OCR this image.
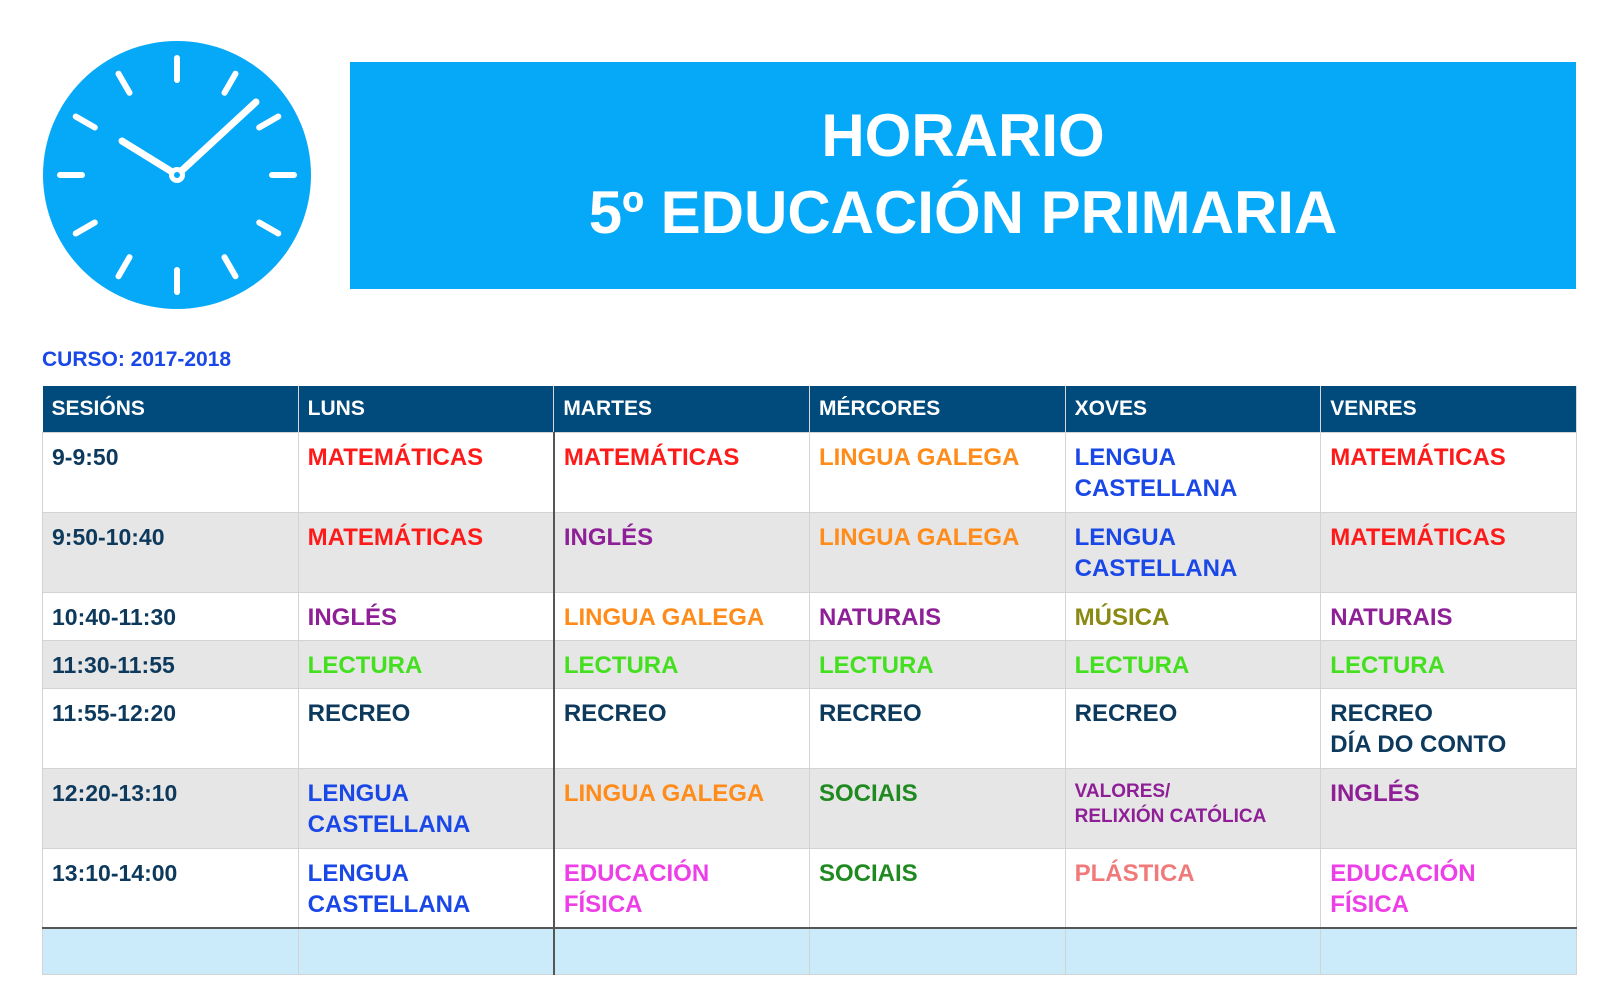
HORARIO
5º EDUCACIÓN PRIMARIA
CURSO: 2017-2018
SESIÓNS	LUNS	MARTES	MÉRCORES	XOVES	VENRES
9-9:50	MATEMÁTICAS	MATEMÁTICAS	LINGUA GALEGA	LENGUA
CASTELLANA	MATEMÁTICAS

9:50-10:40	MATEMÁTICAS	INGLÉS	LINGUA GALEGA	LENGUA
CASTELLANA	MATEMÁTICAS

10:40-11:30	INGLÉS	LINGUA GALEGA	NATURAIS	MÚSICA	NATURAIS

11:30-11:55	LECTURA	LECTURA	LECTURA	LECTURA	LECTURA

11:55-12:20	RECREO	RECREO	RECREO	RECREO	RECREO
DÍA DO CONTO

12:20-13:10	LENGUA
CASTELLANA	LINGUA GALEGA	SOCIAIS	VALORES/
RELIXIÓN CATÓLICA	INGLÉS

13:10-14:00	LENGUA
CASTELLANA	EDUCACIÓN
FÍSICA	SOCIAIS	PLÁSTICA	EDUCACIÓN
FÍSICA
